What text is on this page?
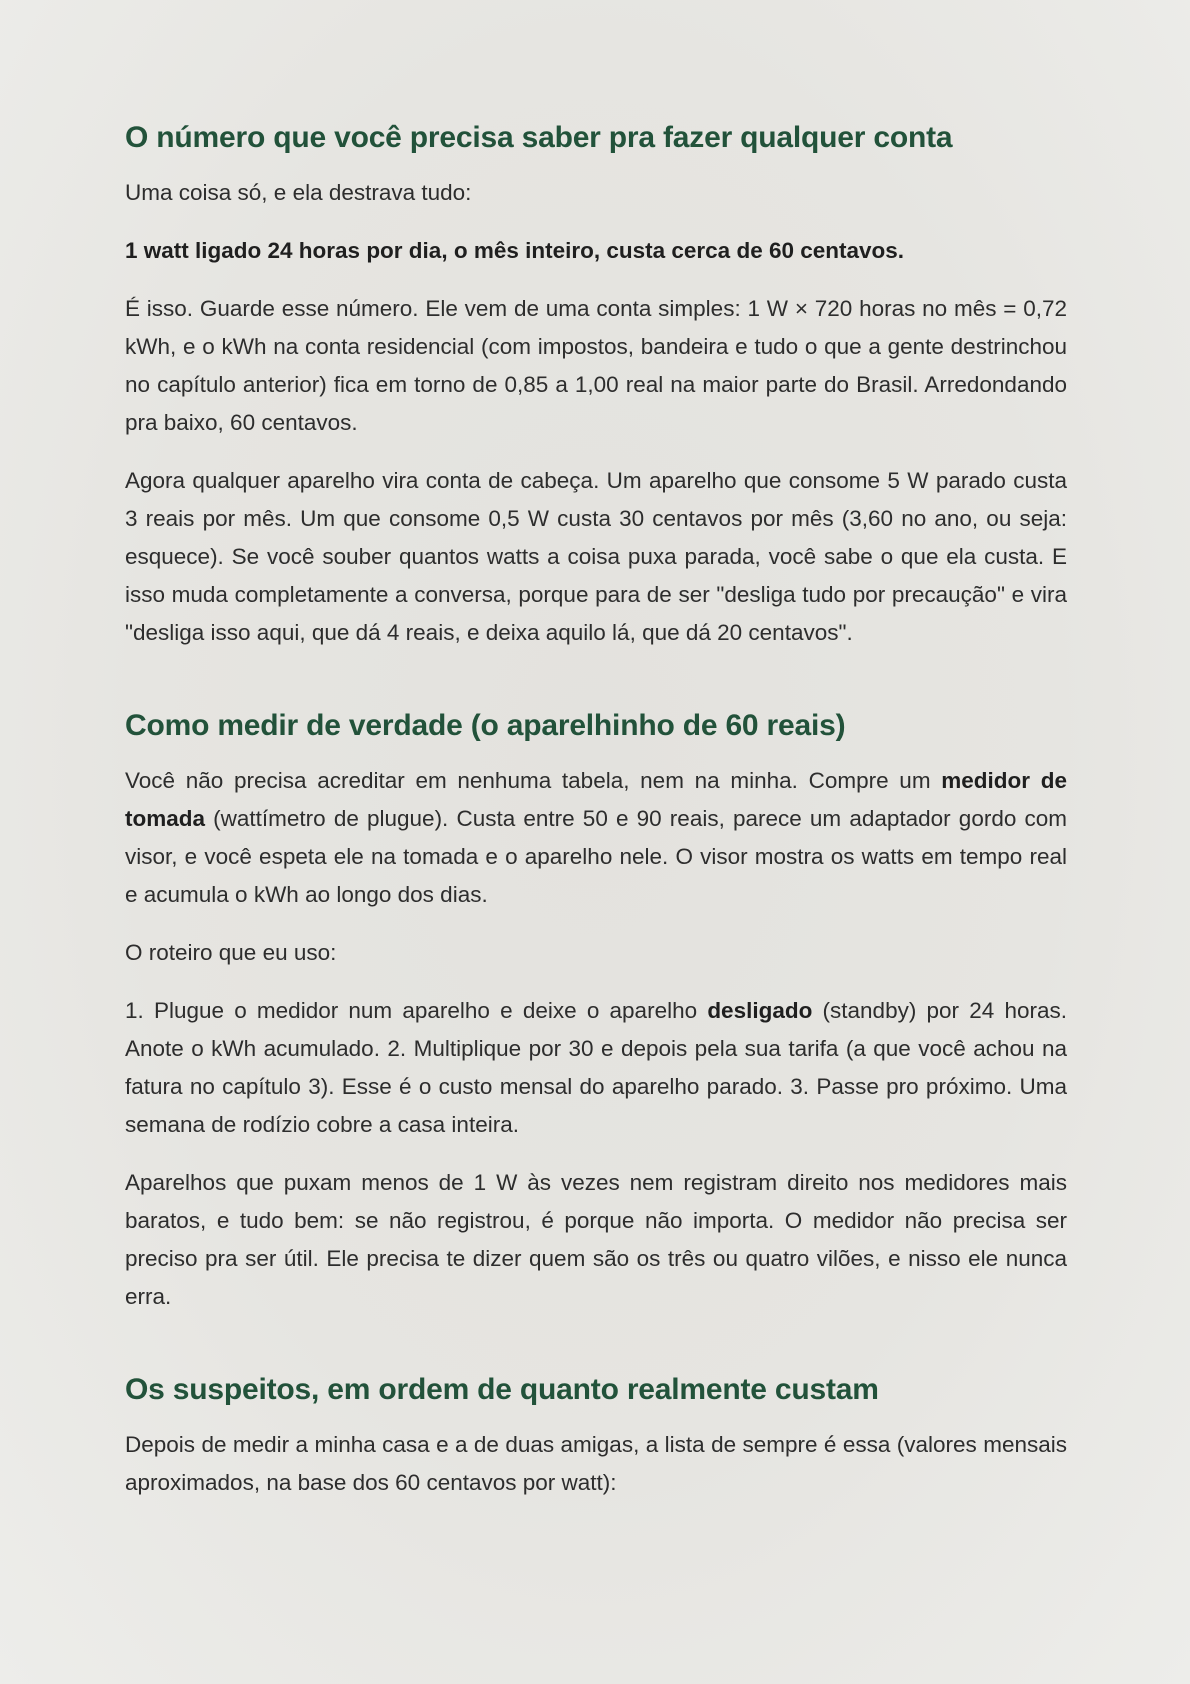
O número que você precisa saber pra fazer qualquer conta

Uma coisa só, e ela destrava tudo:

1 watt ligado 24 horas por dia, o mês inteiro, custa cerca de 60 centavos.

É isso. Guarde esse número. Ele vem de uma conta simples: 1 W × 720 horas no mês = 0,72 kWh, e o kWh na conta residencial (com impostos, bandeira e tudo o que a gente destrinchou no capítulo anterior) fica em torno de 0,85 a 1,00 real na maior parte do Brasil. Arredondando pra baixo, 60 centavos.

Agora qualquer aparelho vira conta de cabeça. Um aparelho que consome 5 W parado custa 3 reais por mês. Um que consome 0,5 W custa 30 centavos por mês (3,60 no ano, ou seja: esquece). Se você souber quantos watts a coisa puxa parada, você sabe o que ela custa. E isso muda completamente a conversa, porque para de ser "desliga tudo por precaução" e vira "desliga isso aqui, que dá 4 reais, e deixa aquilo lá, que dá 20 centavos".

Como medir de verdade (o aparelhinho de 60 reais)

Você não precisa acreditar em nenhuma tabela, nem na minha. Compre um medidor de tomada (wattímetro de plugue). Custa entre 50 e 90 reais, parece um adaptador gordo com visor, e você espeta ele na tomada e o aparelho nele. O visor mostra os watts em tempo real e acumula o kWh ao longo dos dias.

O roteiro que eu uso:

1. Plugue o medidor num aparelho e deixe o aparelho desligado (standby) por 24 horas. Anote o kWh acumulado. 2. Multiplique por 30 e depois pela sua tarifa (a que você achou na fatura no capítulo 3). Esse é o custo mensal do aparelho parado. 3. Passe pro próximo. Uma semana de rodízio cobre a casa inteira.

Aparelhos que puxam menos de 1 W às vezes nem registram direito nos medidores mais baratos, e tudo bem: se não registrou, é porque não importa. O medidor não precisa ser preciso pra ser útil. Ele precisa te dizer quem são os três ou quatro vilões, e nisso ele nunca erra.

Os suspeitos, em ordem de quanto realmente custam

Depois de medir a minha casa e a de duas amigas, a lista de sempre é essa (valores mensais aproximados, na base dos 60 centavos por watt):
